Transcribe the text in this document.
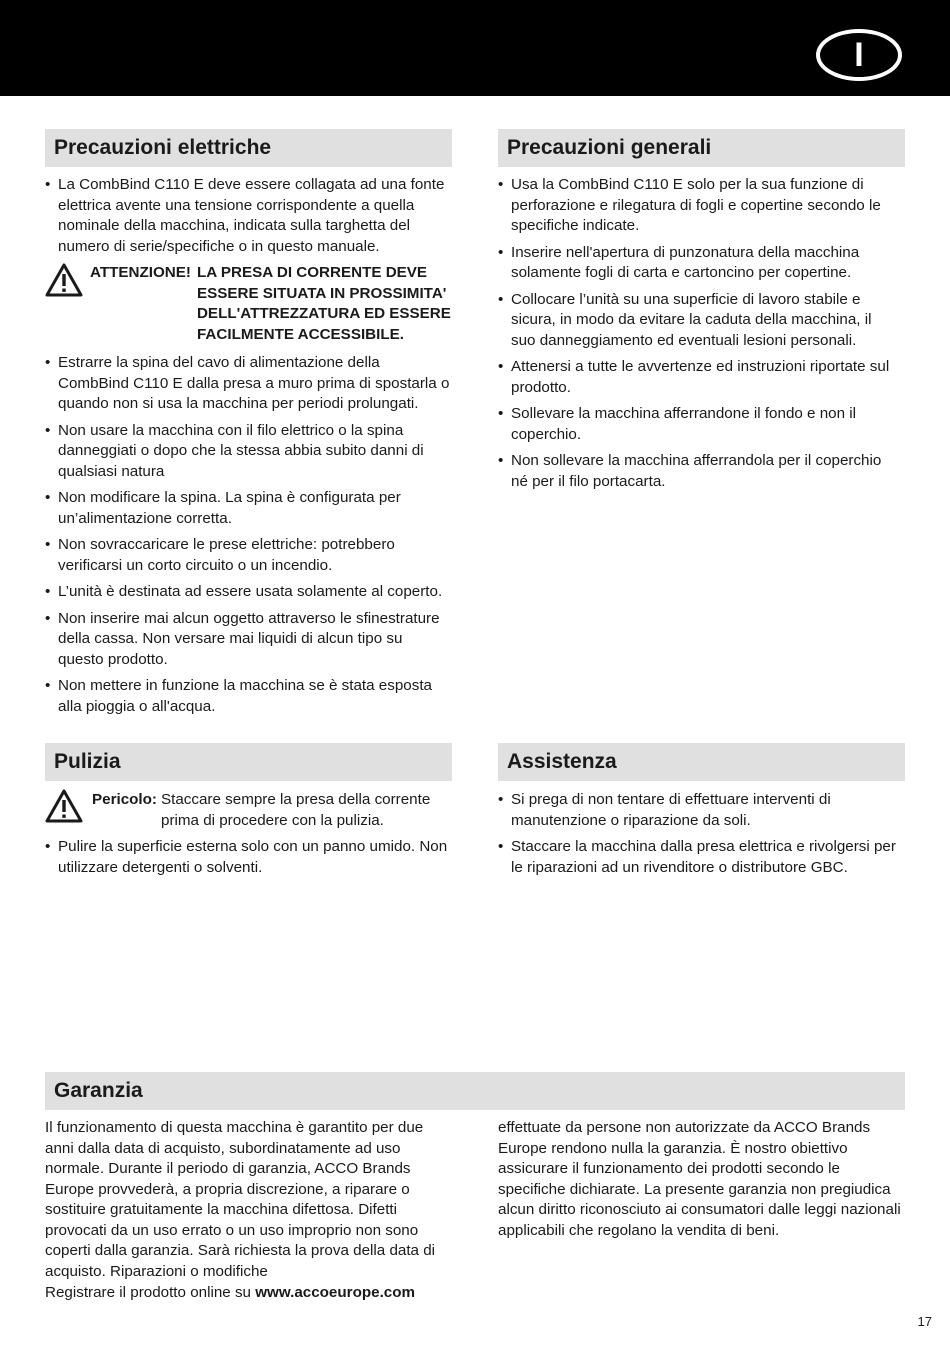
I
Precauzioni elettriche
• La CombBind C110 E deve essere collagata ad una fonte elettrica avente una tensione corrispondente a quella nominale della macchina, indicata sulla targhetta del numero di serie/specifiche o in questo manuale.
ATTENZIONE! LA PRESA DI CORRENTE DEVE ESSERE SITUATA IN PROSSIMITA' DELL'ATTREZZATURA ED ESSERE FACILMENTE ACCESSIBILE.
• Estrarre la spina del cavo di alimentazione della CombBind C110 E dalla presa a muro prima di spostarla o quando non si usa la macchina per periodi prolungati.
• Non usare la macchina con il filo elettrico o la spina danneggiati o dopo che la stessa abbia subito danni di qualsiasi natura
• Non modificare la spina. La spina è configurata per un’alimentazione corretta.
• Non sovraccaricare le prese elettriche: potrebbero verificarsi un corto circuito o un incendio.
• L’unità è destinata ad essere usata solamente al coperto.
• Non inserire mai alcun oggetto attraverso le sfinestrature della cassa. Non versare mai liquidi di alcun tipo su questo prodotto.
• Non mettere in funzione la macchina se è stata esposta alla pioggia o all'acqua.
Precauzioni generali
• Usa la CombBind C110 E solo per la sua funzione di perforazione e rilegatura di fogli e copertine secondo le specifiche indicate.
• Inserire nell'apertura di punzonatura della macchina solamente fogli di carta e cartoncino per copertine.
• Collocare l’unità su una superficie di lavoro stabile e sicura, in modo da evitare la caduta della macchina, il suo danneggiamento ed eventuali lesioni personali.
• Attenersi a tutte le avvertenze ed instruzioni riportate sul prodotto.
• Sollevare la macchina afferrandone il fondo e non il coperchio.
• Non sollevare la macchina afferrandola per il coperchio né per il filo portacarta.
Pulizia
Pericolo: Staccare sempre la presa della corrente prima di procedere con la pulizia.
• Pulire la superficie esterna solo con un panno umido. Non utilizzare detergenti o solventi.
Assistenza
• Si prega di non tentare di effettuare interventi di manutenzione o riparazione da soli.
• Staccare la macchina dalla presa elettrica e rivolgersi per le riparazioni ad un rivenditore o distributore GBC.
Garanzia

Il funzionamento di questa macchina è garantito per due anni dalla data di acquisto, subordinatamente ad uso normale. Durante il periodo di garanzia, ACCO Brands Europe provvederà, a propria discrezione, a riparare o sostituire gratuitamente la macchina difettosa. Difetti provocati da un uso errato o un uso improprio non sono coperti dalla garanzia. Sarà richiesta la prova della data di acquisto. Riparazioni o modifiche

effettuate da persone non autorizzate da ACCO Brands Europe rendono nulla la garanzia. È nostro obiettivo assicurare il funzionamento dei prodotti secondo le specifiche dichiarate. La presente garanzia non pregiudica alcun diritto riconosciuto ai consumatori dalle leggi nazionali applicabili che regolano la vendita di beni.

Registrare il prodotto online su www.accoeurope.com
17
